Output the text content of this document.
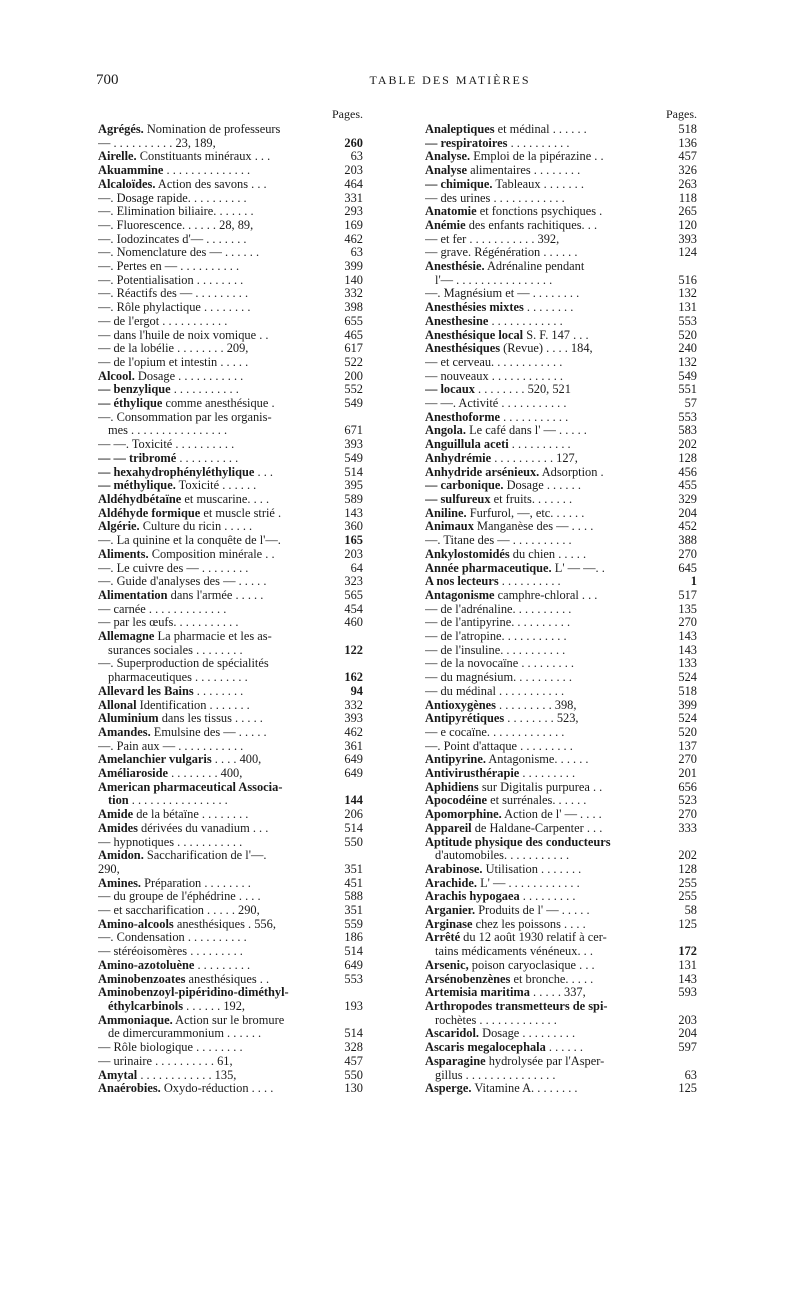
700	TABLE DES MATIÈRES
Pages.
Agrégés. Nomination de professeurs
— . . . . . . . . . . 23, 189,	260
Airelle. Constituants minéraux . . .	63
Akuammine . . . . . . . . . . . . . .	203
Alcaloïdes. Action des savons . . .	464
—. Dosage rapide. . . . . . . . . .	331
—. Elimination biliaire. . . . . . .	293
—. Fluorescence. . . . . . 28, 89,	169
—. Iodozincates d'— . . . . . . .	462
—. Nomenclature des — . . . . . .	63
—. Pertes en — . . . . . . . . . .	399
—. Potentialisation . . . . . . . .	140
—. Réactifs des — . . . . . . . . .	332
—. Rôle phylactique . . . . . . . .	398
— de l'ergot . . . . . . . . . . .	655
— dans l'huile de noix vomique . .	465
— de la lobélie . . . . . . . . 209,	617
— de l'opium et intestin . . . . .	522
Alcool. Dosage . . . . . . . . . . .	200
— benzylique . . . . . . . . . . .	552
— éthylique comme anesthésique .	549
—. Consommation par les organis-
mes . . . . . . . . . . . . . . . .	671
— —. Toxicité . . . . . . . . . .	393
— — tribromé . . . . . . . . . .	549
— hexahydrophényléthylique . . .	514
— méthylique. Toxicité . . . . . .	395
Aldéhydbétaïne et muscarine. . . .	589
Aldéhyde formique et muscle strié .	143
Algérie. Culture du ricin . . . . .	360
—. La quinine et la conquête de l'—.	165
Aliments. Composition minérale . .	203
—. Le cuivre des — . . . . . . . .	64
—. Guide d'analyses des — . . . . .	323
Alimentation dans l'armée . . . . .	565
— carnée . . . . . . . . . . . . .	454
— par les œufs. . . . . . . . . . .	460
Allemagne La pharmacie et les as-
surances sociales . . . . . . . .	122
—. Superproduction de spécialités
pharmaceutiques . . . . . . . . .	162
Allevard les Bains . . . . . . . .	94
Allonal Identification . . . . . . .	332
Aluminium dans les tissus . . . . .	393
Amandes. Emulsine des — . . . . .	462
—. Pain aux — . . . . . . . . . . .	361
Amelanchier vulgaris . . . . 400,	649
Améliaroside . . . . . . . . 400,	649
American pharmaceutical Associa-
tion . . . . . . . . . . . . . . . .	144
Amide de la bétaïne . . . . . . . .	206
Amides dérivées du vanadium . . .	514
— hypnotiques . . . . . . . . . . .	550
Amidon. Saccharification de l'—.
290,	351
Amines. Préparation . . . . . . . .	451
— du groupe de l'éphédrine . . . .	588
— et saccharification . . . . . 290,	351
Amino-alcools anesthésiques . 556,	559
—. Condensation . . . . . . . . . .	186
— stéréoisomères . . . . . . . . .	514
Amino-azotoluène . . . . . . . . .	649
Aminobenzoates anesthésiques . .	553
Aminobenzoyl-pipéridino-diméthyl-
éthylcarbinols . . . . . . 192,	193
Ammoniaque. Action sur le bromure
de dimercurammonium . . . . . .	514
— Rôle biologique . . . . . . . .	328
— urinaire . . . . . . . . . . 61,	457
Amytal . . . . . . . . . . . . 135,	550
Anaérobies. Oxydo-réduction . . . .	130
Pages.
Analeptiques et médinal . . . . . .	518
— respiratoires . . . . . . . . . .	136
Analyse. Emploi de la pipérazine . .	457
Analyse alimentaires . . . . . . . .	326
— chimique. Tableaux . . . . . . .	263
— des urines . . . . . . . . . . . .	118
Anatomie et fonctions psychiques .	265
Anémie des enfants rachitiques. . .	120
— et fer . . . . . . . . . . . 392,	393
— grave. Régénération . . . . . .	124
Anesthésie. Adrénaline pendant
l'— . . . . . . . . . . . . . . . .	516
—. Magnésium et — . . . . . . . .	132
Anesthésies mixtes . . . . . . . .	131
Anesthesine . . . . . . . . . . . .	553
Anesthésique local S. F. 147 . . .	520
Anesthésiques (Revue) . . . . 184,	240
— et cerveau. . . . . . . . . . . .	132
— nouveaux . . . . . . . . . . . .	549
— locaux . . . . . . . . 520, 521	551
— —. Activité . . . . . . . . . . .	57
Anesthoforme . . . . . . . . . . .	553
Angola. Le café dans l' — . . . . .	583
Anguillula aceti . . . . . . . . . .	202
Anhydrémie . . . . . . . . . . 127,	128
Anhydride arsénieux. Adsorption .	456
— carbonique. Dosage . . . . . .	455
— sulfureux et fruits. . . . . . .	329
Aniline. Furfurol, —, etc. . . . . .	204
Animaux Manganèse des — . . . .	452
—. Titane des — . . . . . . . . . .	388
Ankylostomidés du chien . . . . .	270
Année pharmaceutique. L' — —. .	645
A nos lecteurs . . . . . . . . . .	1
Antagonisme camphre-chloral . . .	517
— de l'adrénaline. . . . . . . . . .	135
— de l'antipyrine. . . . . . . . . .	270
— de l'atropine. . . . . . . . . . .	143
— de l'insuline. . . . . . . . . . .	143
— de la novocaïne . . . . . . . . .	133
— du magnésium. . . . . . . . . .	524
— du médinal . . . . . . . . . . .	518
Antioxygènes . . . . . . . . . 398,	399
Antipyrétiques . . . . . . . . 523,	524
— e cocaïne. . . . . . . . . . . . .	520
—. Point d'attaque . . . . . . . . .	137
Antipyrine. Antagonisme. . . . . .	270
Antivirusthérapie . . . . . . . . .	201
Aphidiens sur Digitalis purpurea . .	656
Apocodéine et surrénales. . . . . .	523
Apomorphine. Action de l' — . . . .	270
Appareil de Haldane-Carpenter . . .	333
Aptitude physique des conducteurs
d'automobiles. . . . . . . . . . .	202
Arabinose. Utilisation . . . . . . .	128
Arachide. L' — . . . . . . . . . . . .	255
Arachis hypogaea . . . . . . . . .	255
Arganier. Produits de l' — . . . . .	58
Arginase chez les poissons . . . .	125
Arrêté du 12 août 1930 relatif à cer-
tains médicaments vénéneux. . .	172
Arsenic, poison caryoclasique . . .	131
Arsénobenzènes et bronche. . . . .	143
Artemisia maritima . . . . . 337,	593
Arthropodes transmetteurs de spi-
rochètes . . . . . . . . . . . . .	203
Ascaridol. Dosage . . . . . . . . .	204
Ascaris megalocephala . . . . . .	597
Asparagine hydrolysée par l'Asper-
gillus . . . . . . . . . . . . . . .	63
Asperge. Vitamine A. . . . . . . .	125
